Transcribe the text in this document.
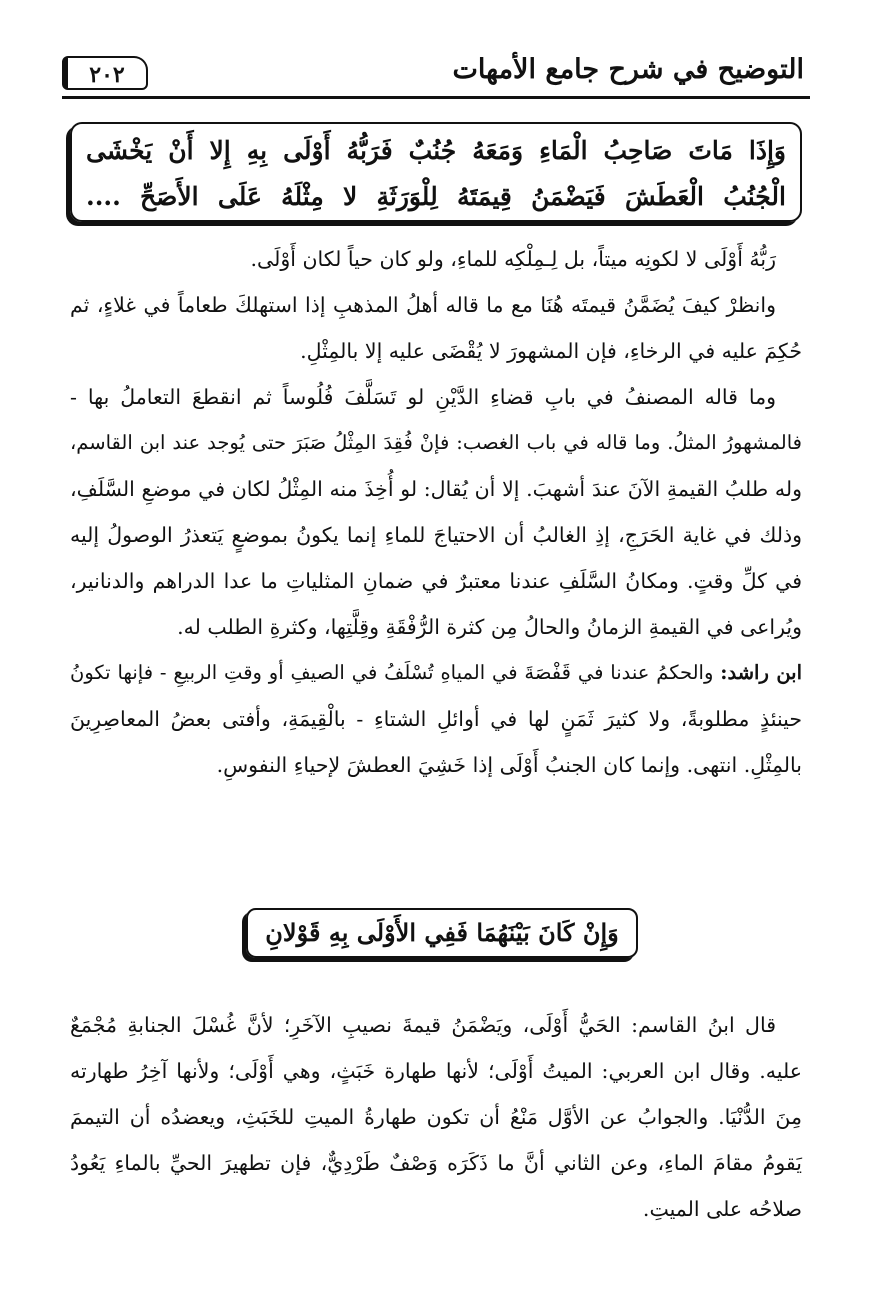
التوضيح في شرح جامع الأمهات
٢٠٢
وَإِذَا مَاتَ صَاحِبُ الْمَاءِ وَمَعَهُ جُنُبٌ فَرَبُّهُ أَوْلَى بِهِ إِلا أَنْ يَخْشَى
الْجُنُبُ الْعَطَشَ فَيَضْمَنُ قِيمَتَهُ لِلْوَرَثَةِ لا مِثْلَهُ عَلَى الأَصَحِّ ....
رَبُّهُ أَوْلَى لا لكونِه ميتاً، بل لِـمِلْكِه للماءِ، ولو كان حياً لكان أَوْلَى.
وانظرْ كيفَ يُضَمَّنُ قيمتَه هُنَا مع ما قاله أهلُ المذهبِ إذا استهلكَ طعاماً في غلاءٍ، ثم
حُكِمَ عليه في الرخاءِ، فإن المشهورَ لا يُقْضَى عليه إلا بالمِثْلِ.
وما قاله المصنفُ في بابِ قضاءِ الدَّيْنِ لو تَسَلَّفَ فُلُوساً ثم انقطعَ التعاملُ بها -
فالمشهورُ المثلُ. وما قاله في باب الغصب: فإنْ فُقِدَ المِثْلُ صَبَرَ حتى يُوجد عند ابن القاسم،
وله طلبُ القيمةِ الآنَ عندَ أشهبَ. إلا أن يُقال: لو أُخِذَ منه المِثْلُ لكان في موضعِ السَّلَفِ،
وذلك في غاية الحَرَجِ، إذِ الغالبُ أن الاحتياجَ للماءِ إنما يكونُ بموضعٍ يَتعذرُ الوصولُ إليه
في كلِّ وقتٍ. ومكانُ السَّلَفِ عندنا معتبرٌ في ضمانِ المثلياتِ ما عدا الدراهم والدنانير،
ويُراعى في القيمةِ الزمانُ والحالُ مِن كثرة الرُّفْقَةِ وقِلَّتِها، وكثرةِ الطلب له.
ابن راشد: والحكمُ عندنا في قَفْصَةَ في المياهِ تُسْلَفُ في الصيفِ أو وقتِ الربيعِ - فإنها تكونُ
حينئذٍ مطلوبةً، ولا كثيرَ ثَمَنٍ لها في أوائلِ الشتاءِ - بالْقِيمَةِ، وأفتى بعضُ المعاصِرِينَ
بالمِثْلِ. انتهى. وإنما كان الجنبُ أَوْلَى إذا خَشِيَ العطشَ لإحياءِ النفوسِ.
وَإِنْ كَانَ بَيْنَهُمَا فَفِي الأَوْلَى بِهِ قَوْلانِ
قال ابنُ القاسم: الحَيُّ أَوْلَى، ويَضْمَنُ قيمةَ نصيبِ الآخَرِ؛ لأنَّ غُسْلَ الجنابةِ مُجْمَعٌ
عليه. وقال ابن العربي: الميتُ أَوْلَى؛ لأنها طهارة خَبَثٍ، وهي أَوْلَى؛ ولأنها آخِرُ طهارته
مِنَ الدُّنْيَا. والجوابُ عن الأوَّل مَنْعُ أن تكون طهارةُ الميتِ للخَبَثِ، ويعضدُه أن التيممَ
يَقومُ مقامَ الماءِ، وعن الثاني أنَّ ما ذَكَرَه وَصْفٌ طَرْدِيٌّ، فإن تطهيرَ الحيِّ بالماءِ يَعُودُ
صلاحُه على الميتِ.
